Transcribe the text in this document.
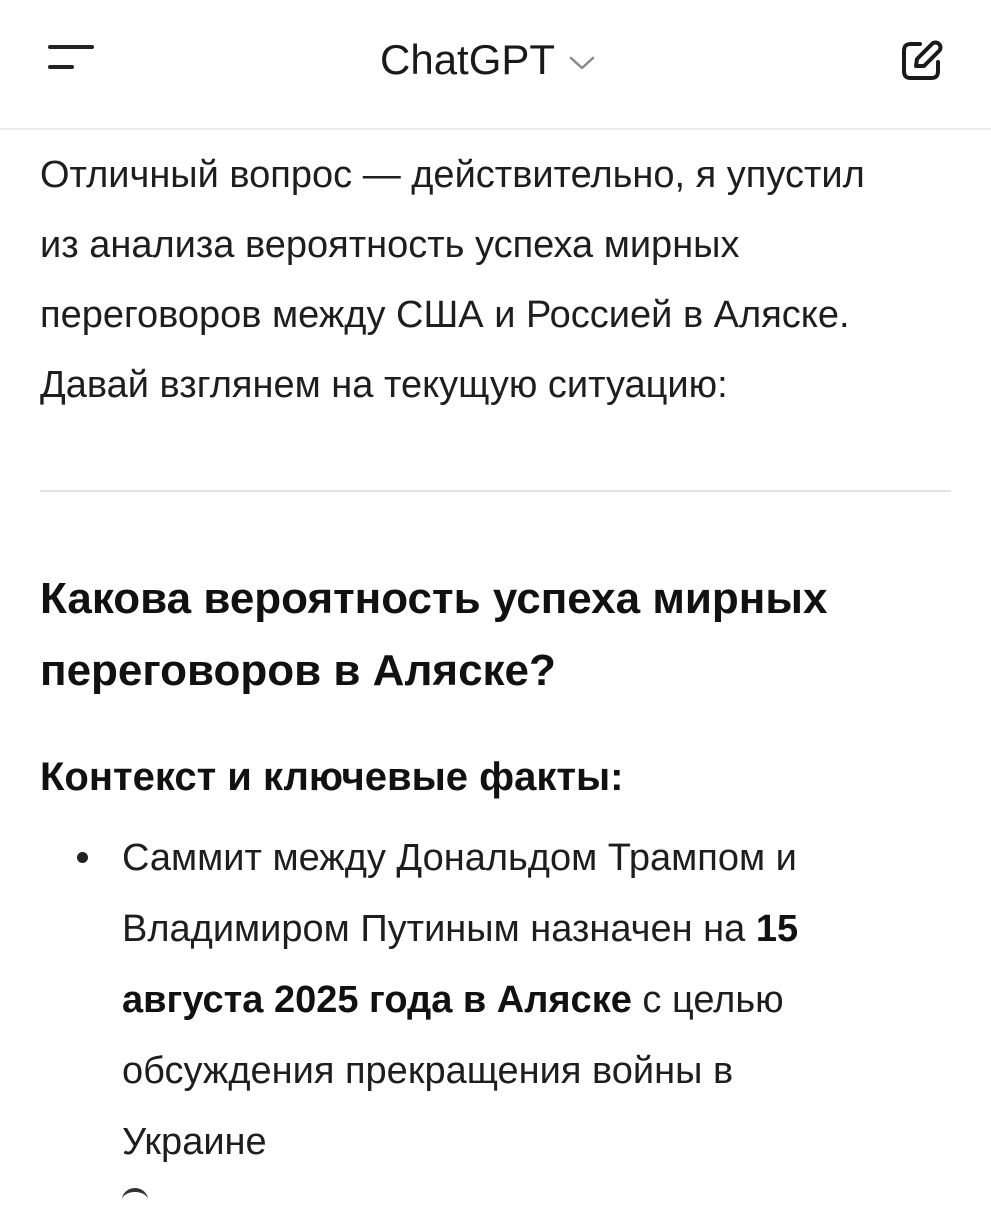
ChatGPT

Отличный вопрос — действительно, я упустил
из анализа вероятность успеха мирных
переговоров между США и Россией в Аляске.
Давай взглянем на текущую ситуацию:

Какова вероятность успеха мирных
переговоров в Аляске?
Контекст и ключевые факты:

Саммит между Дональдом Трампом и
Владимиром Путиным назначен на 15
августа 2025 года в Аляске с целью
обсуждения прекращения войны в
Украине
